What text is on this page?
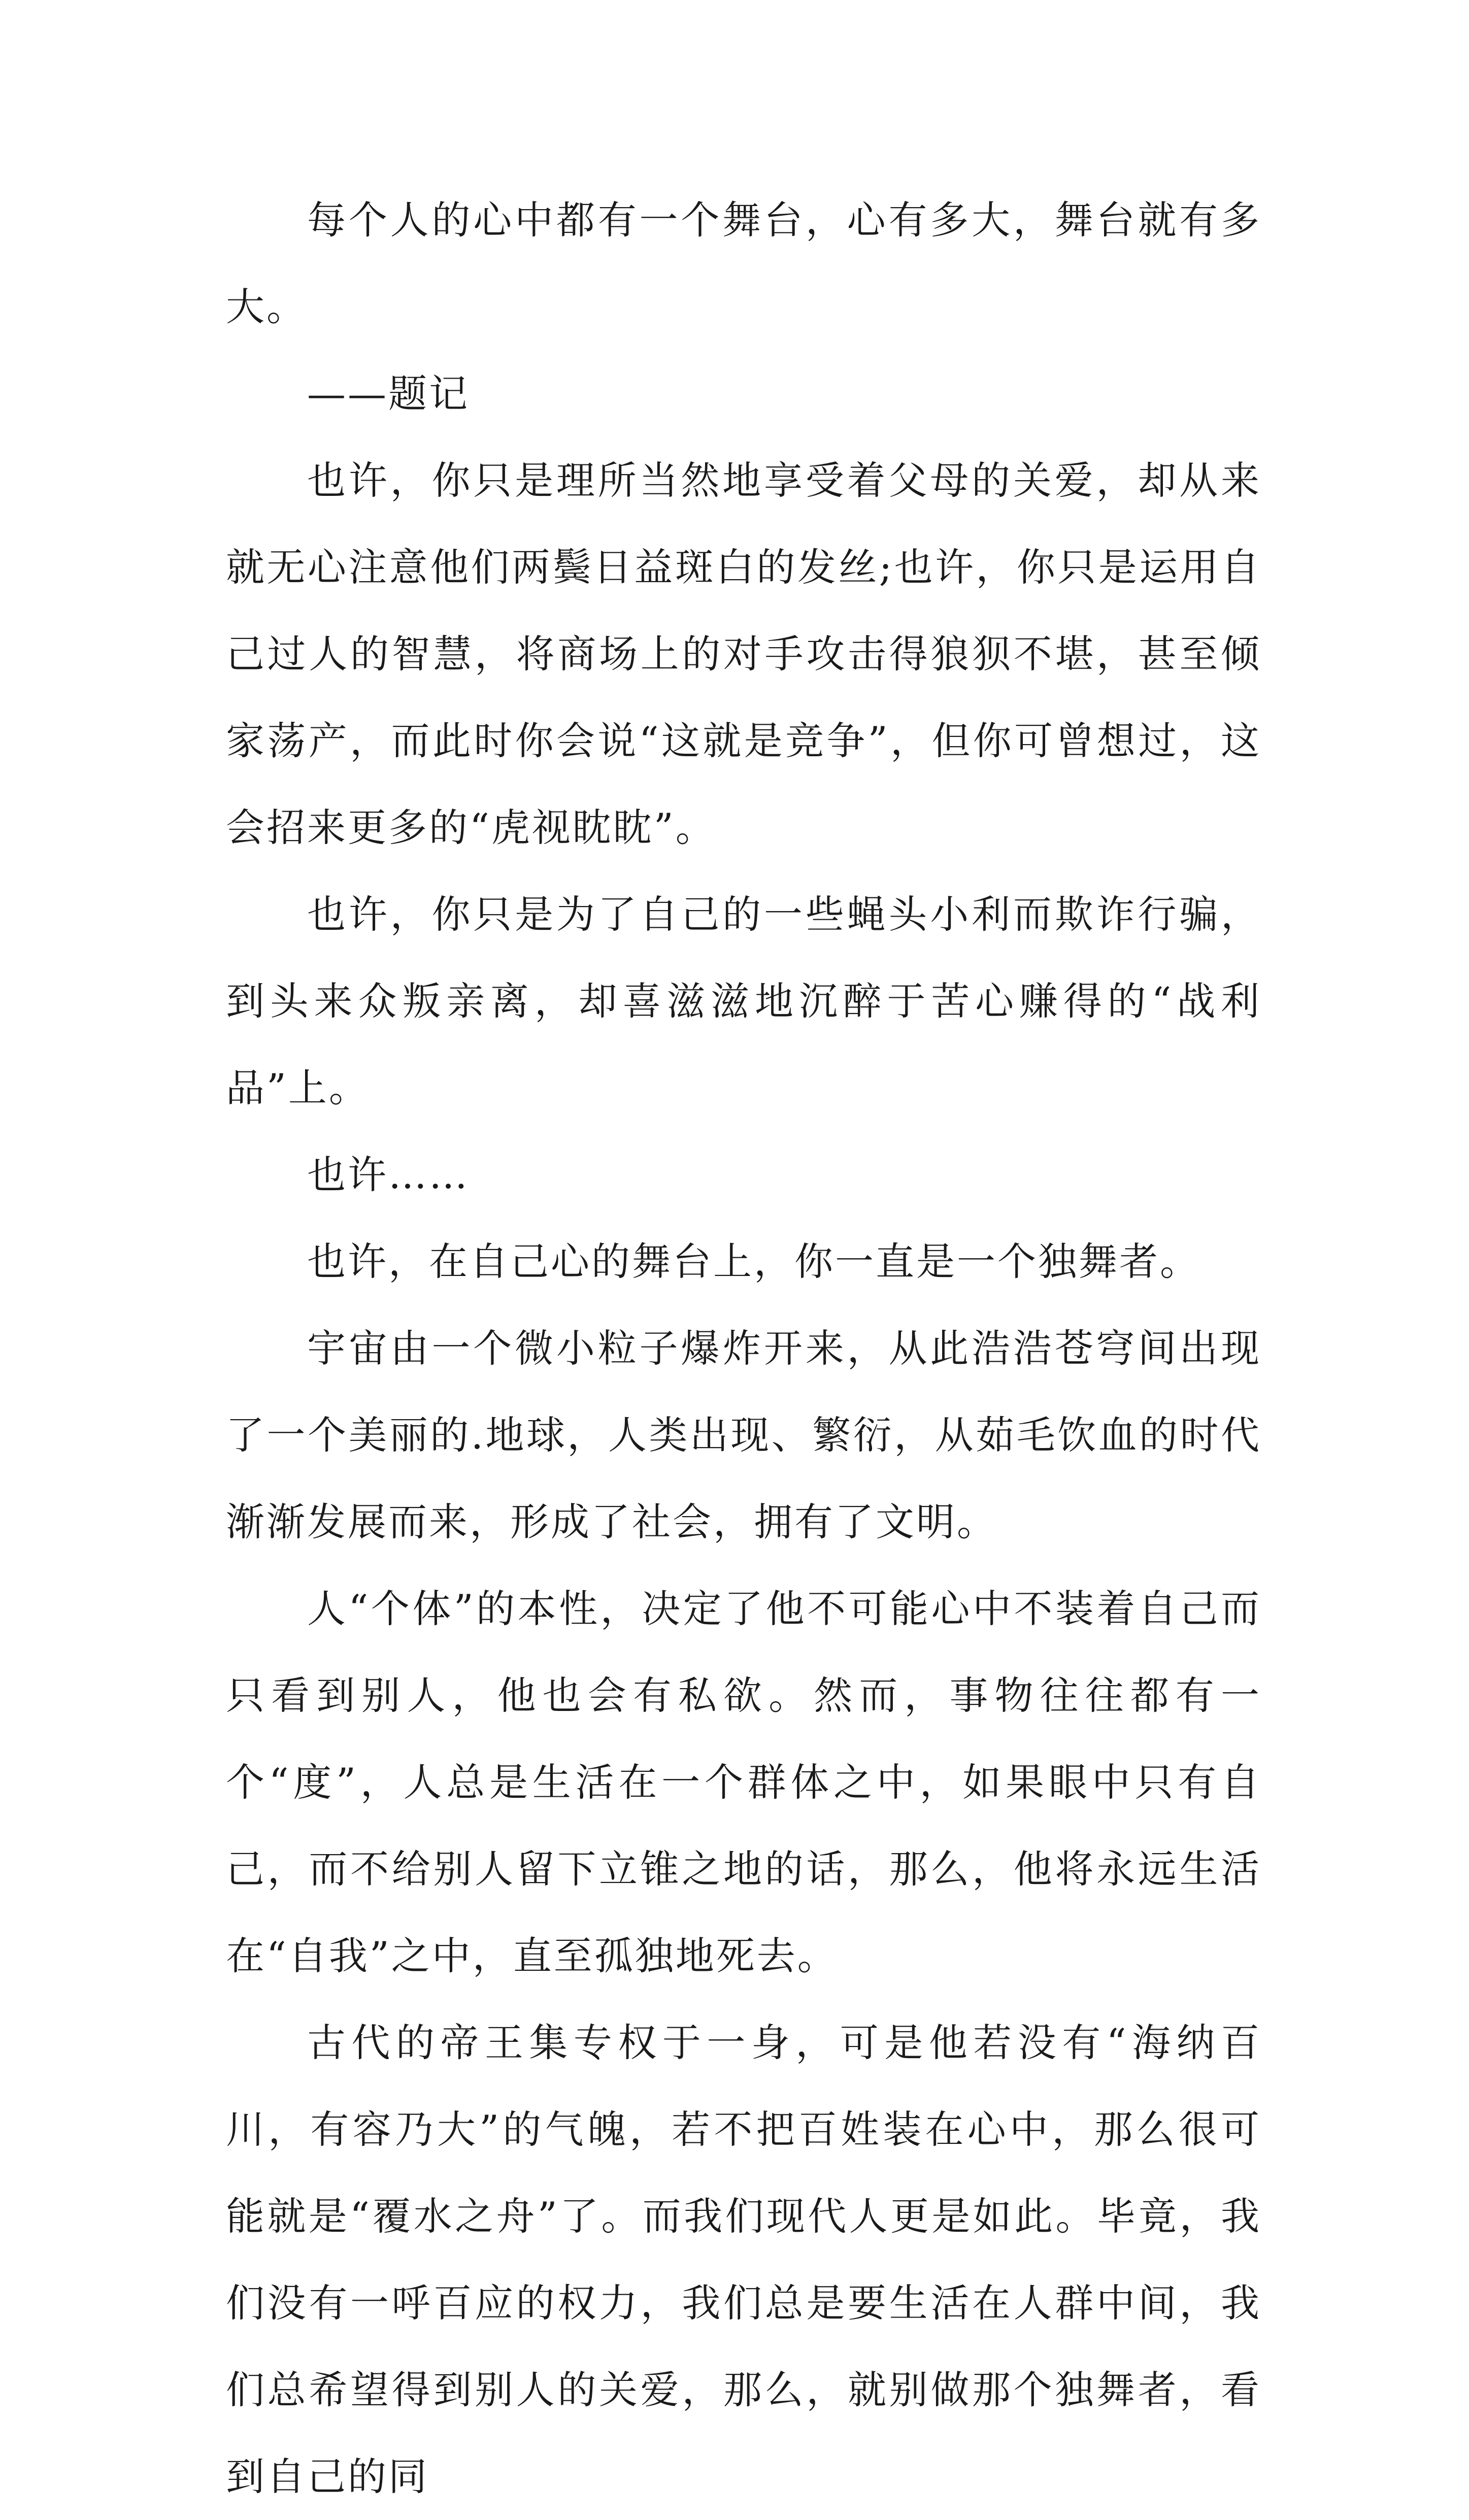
每个人的心中都有一个舞台，心有多大，舞台就有多大。

——题记

也许，你只是理所当然地享受着父母的关爱，却从来就无心注意他们两鬓日益斑白的发丝;也许，你只是运用自己过人的智慧，将商场上的对手攻击得狼狈不堪，甚至倾家荡产，而此时你会说“这就是竞争”，但你可曾想过，这会招来更多的“虎视眈眈”。

也许，你只是为了自己的一些蝇头小利而欺诈行骗，到头来众叛亲离，却喜滋滋地沉醉于苦心赚得的“战利品”上。

也许……

也许，在自己心的舞台上，你一直是一个独舞者。

宇宙由一个微小粒子爆炸开来，从此浩浩苍穹间出现了一个美丽的.地球，人类出现、繁衍，从茹毛饮血的时代渐渐发展而来，形成了社会，拥有了文明。

人“个体”的本性，决定了他不可能心中不装着自己而只看到别人，他也会有私欲。然而，事物往往都有一个“度”，人总是生活在一个群体之中，如果眼中只有自己，而不给别人留下立锥之地的话，那么，他将永远生活在“自我”之中，直至孤独地死去。

古代的帝王集专权于一身，可是他若没有“海纳百川，有容乃大”的气魄，若不把百姓装在心中，那么很可能就是“覆水之舟”了。而我们现代人更是如此。毕竟，我们没有一呼百应的权力，我们总是要生活在人群中间，我们总希望得到别人的关爱，那么，就别做那个独舞者，看到自己的同
